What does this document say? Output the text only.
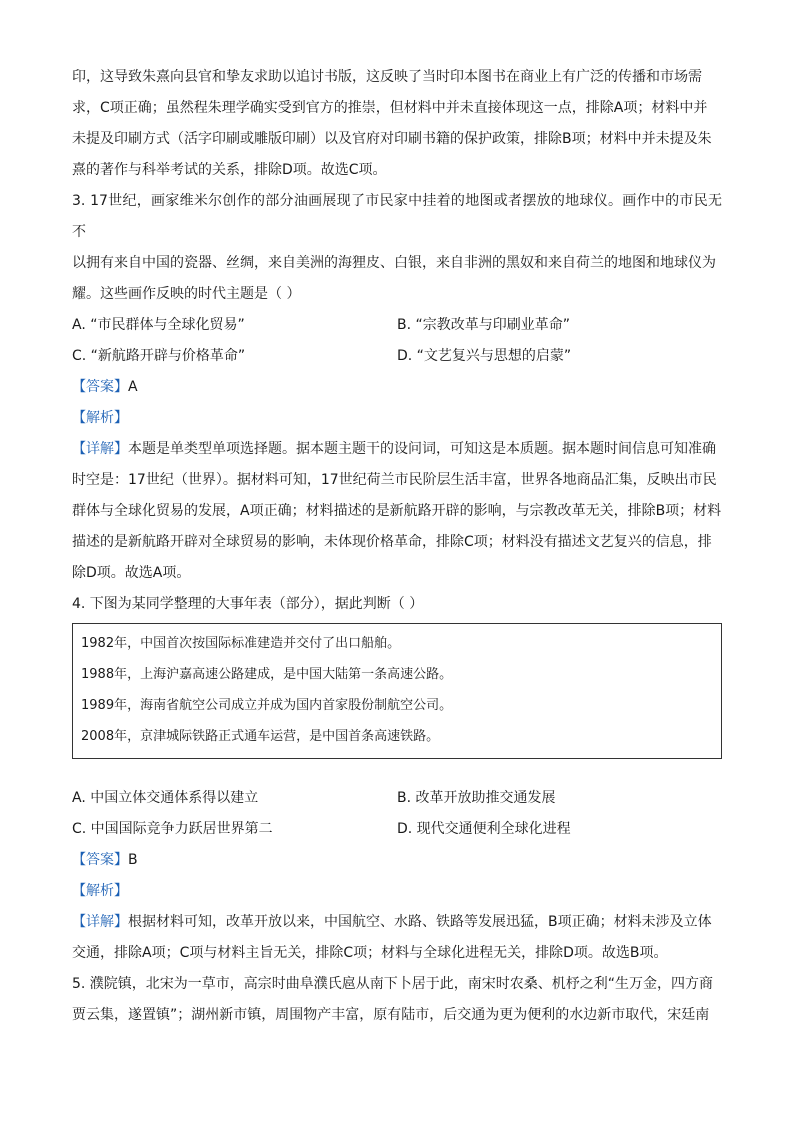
印，这导致朱熹向县官和挚友求助以追讨书版，这反映了当时印本图书在商业上有广泛的传播和市场需

求，C项正确；虽然程朱理学确实受到官方的推崇，但材料中并未直接体现这一点，排除A项；材料中并

未提及印刷方式（活字印刷或雕版印刷）以及官府对印刷书籍的保护政策，排除B项；材料中并未提及朱

熹的著作与科举考试的关系，排除D项。故选C项。

3. 17世纪，画家维米尔创作的部分油画展现了市民家中挂着的地图或者摆放的地球仪。画作中的市民无不

以拥有来自中国的瓷器、丝绸，来自美洲的海狸皮、白银，来自非洲的黑奴和来自荷兰的地图和地球仪为

耀。这些画作反映的时代主题是（ ）

A. “市民群体与全球化贸易”	B. “宗教改革与印刷业革命”
C. “新航路开辟与价格革命”	D. “文艺复兴与思想的启蒙”

【答案】A

【解析】

【详解】本题是单类型单项选择题。据本题主题干的设问词，可知这是本质题。据本题时间信息可知准确

时空是：17世纪（世界）。据材料可知，17世纪荷兰市民阶层生活丰富，世界各地商品汇集，反映出市民

群体与全球化贸易的发展，A项正确；材料描述的是新航路开辟的影响，与宗教改革无关，排除B项；材料

描述的是新航路开辟对全球贸易的影响，未体现价格革命，排除C项；材料没有描述文艺复兴的信息，排

除D项。故选A项。

4. 下图为某同学整理的大事年表（部分），据此判断（ ）

1982年，中国首次按国际标准建造并交付了出口船舶。

1988年，上海沪嘉高速公路建成，是中国大陆第一条高速公路。

1989年，海南省航空公司成立并成为国内首家股份制航空公司。

2008年，京津城际铁路正式通车运营，是中国首条高速铁路。

A. 中国立体交通体系得以建立	B. 改革开放助推交通发展
C. 中国国际竞争力跃居世界第二	D. 现代交通便利全球化进程

【答案】B

【解析】

【详解】根据材料可知，改革开放以来，中国航空、水路、铁路等发展迅猛，B项正确；材料未涉及立体

交通，排除A项；C项与材料主旨无关，排除C项；材料与全球化进程无关，排除D项。故选B项。

5. 濮院镇，北宋为一草市，高宗时曲阜濮氏扈从南下卜居于此，南宋时农桑、机杼之利“生万金，四方商

贾云集，遂置镇”；湖州新市镇，周围物产丰富，原有陆市，后交通为更为便利的水边新市取代，宋廷南
